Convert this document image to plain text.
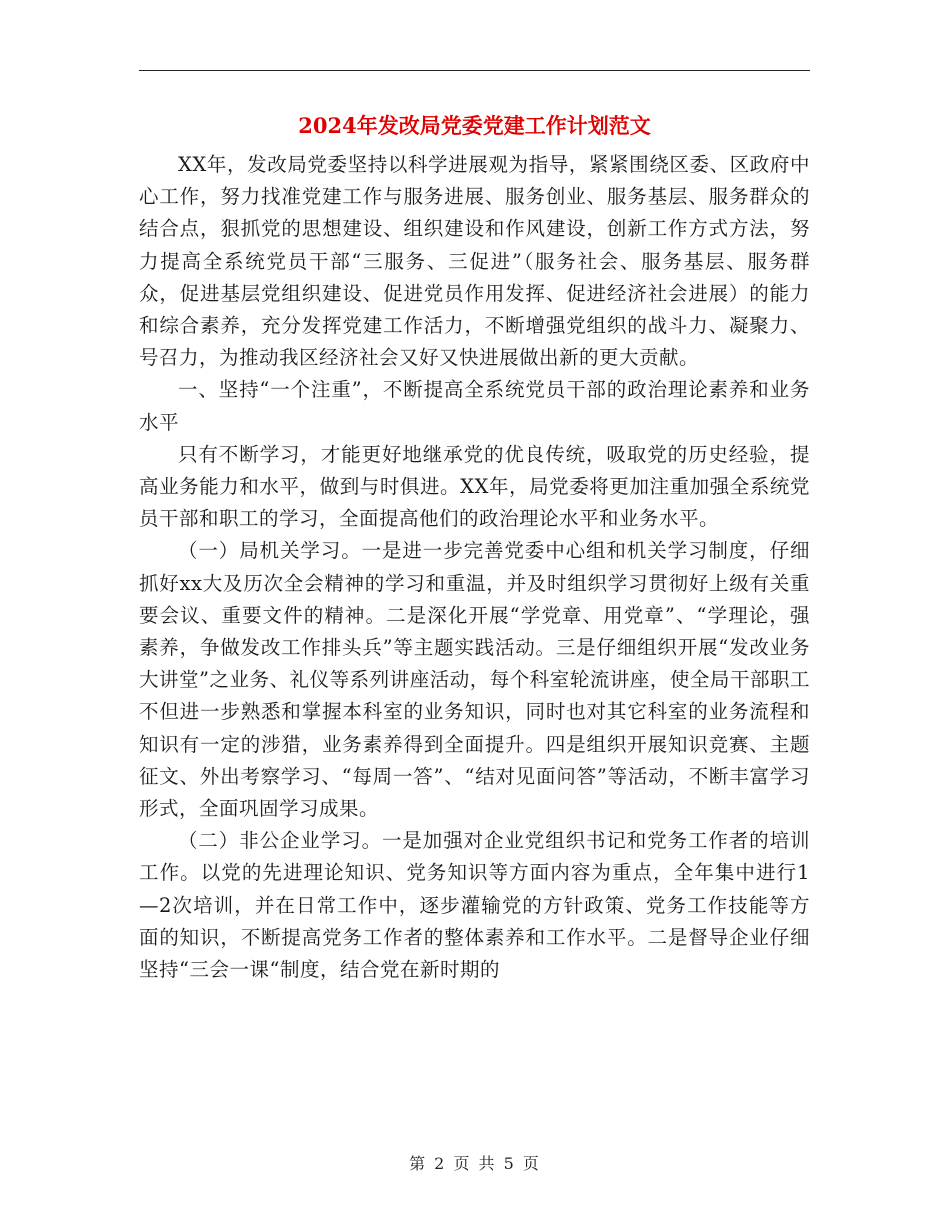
2024年发改局党委党建工作计划范文

XX年，发改局党委坚持以科学进展观为指导，紧紧围绕区委、区政府中心工作，努力找准党建工作与服务进展、服务创业、服务基层、服务群众的结合点，狠抓党的思想建设、组织建设和作风建设，创新工作方式方法，努力提高全系统党员干部“三服务、三促进”（服务社会、服务基层、服务群众，促进基层党组织建设、促进党员作用发挥、促进经济社会进展）的能力和综合素养，充分发挥党建工作活力，不断增强党组织的战斗力、凝聚力、号召力，为推动我区经济社会又好又快进展做出新的更大贡献。

一、坚持“一个注重”，不断提高全系统党员干部的政治理论素养和业务水平

只有不断学习，才能更好地继承党的优良传统，吸取党的历史经验，提高业务能力和水平，做到与时俱进。XX年，局党委将更加注重加强全系统党员干部和职工的学习，全面提高他们的政治理论水平和业务水平。

（一）局机关学习。一是进一步完善党委中心组和机关学习制度，仔细抓好xx大及历次全会精神的学习和重温，并及时组织学习贯彻好上级有关重要会议、重要文件的精神。二是深化开展“学党章、用党章”、“学理论，强素养，争做发改工作排头兵”等主题实践活动。三是仔细组织开展“发改业务大讲堂”之业务、礼仪等系列讲座活动，每个科室轮流讲座，使全局干部职工不但进一步熟悉和掌握本科室的业务知识，同时也对其它科室的业务流程和知识有一定的涉猎，业务素养得到全面提升。四是组织开展知识竞赛、主题征文、外出考察学习、“每周一答”、“结对见面问答”等活动，不断丰富学习形式，全面巩固学习成果。

（二）非公企业学习。一是加强对企业党组织书记和党务工作者的培训工作。以党的先进理论知识、党务知识等方面内容为重点，全年集中进行1—2次培训，并在日常工作中，逐步灌输党的方针政策、党务工作技能等方面的知识，不断提高党务工作者的整体素养和工作水平。二是督导企业仔细坚持“三会一课“制度，结合党在新时期的

第 2 页 共 5 页
